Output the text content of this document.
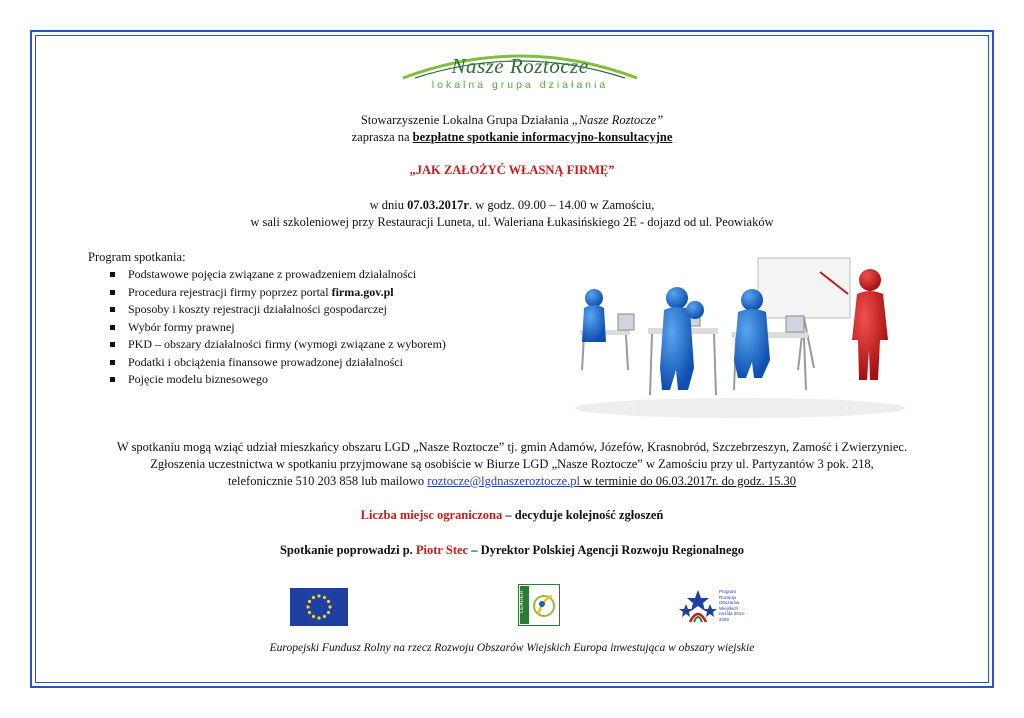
Nasze Roztocze
lokalna grupa działania
Stowarzyszenie Lokalna Grupa Działania „Nasze Roztocze”
zaprasza na bezpłatne spotkanie informacyjno-konsultacyjne
„JAK ZAŁOŻYĆ WŁASNĄ FIRMĘ”
w dniu 07.03.2017r. w godz. 09.00 – 14.00 w Zamościu,
w sali szkoleniowej przy Restauracji Luneta, ul. Waleriana Łukasińskiego 2E - dojazd od ul. Peowiaków
Program spotkania:
Podstawowe pojęcia związane z prowadzeniem działalności
Procedura rejestracji firmy poprzez portal firma.gov.pl
Sposoby i koszty rejestracji działalności gospodarczej
Wybór formy prawnej
PKD – obszary działalności firmy (wymogi związane z wyborem)
Podatki i obciążenia finansowe prowadzonej działalności
Pojęcie modelu biznesowego
W spotkaniu mogą wziąć udział mieszkańcy obszaru LGD „Nasze Roztocze” tj. gmin Adamów, Józefów, Krasnobród, Szczebrzeszyn, Zamość i Zwierzyniec.
Zgłoszenia uczestnictwa w spotkaniu przyjmowane są osobiście w Biurze LGD „Nasze Roztocze” w Zamościu przy ul. Partyzantów 3 pok. 218,
telefonicznie 510 203 858 lub mailowo roztocze@lgdnaszeroztocze.pl w terminie do 06.03.2017r. do godz. 15.30
Liczba miejsc ograniczona – decyduje kolejność zgłoszeń
Spotkanie poprowadzi p. Piotr Stec – Dyrektor Polskiej Agencji Rozwoju Regionalnego
LEADER	Program
Rozwoju
Obszarów
Wiejskich
na lata 2014-2020
Europejski Fundusz Rolny na rzecz Rozwoju Obszarów Wiejskich Europa inwestująca w obszary wiejskie
